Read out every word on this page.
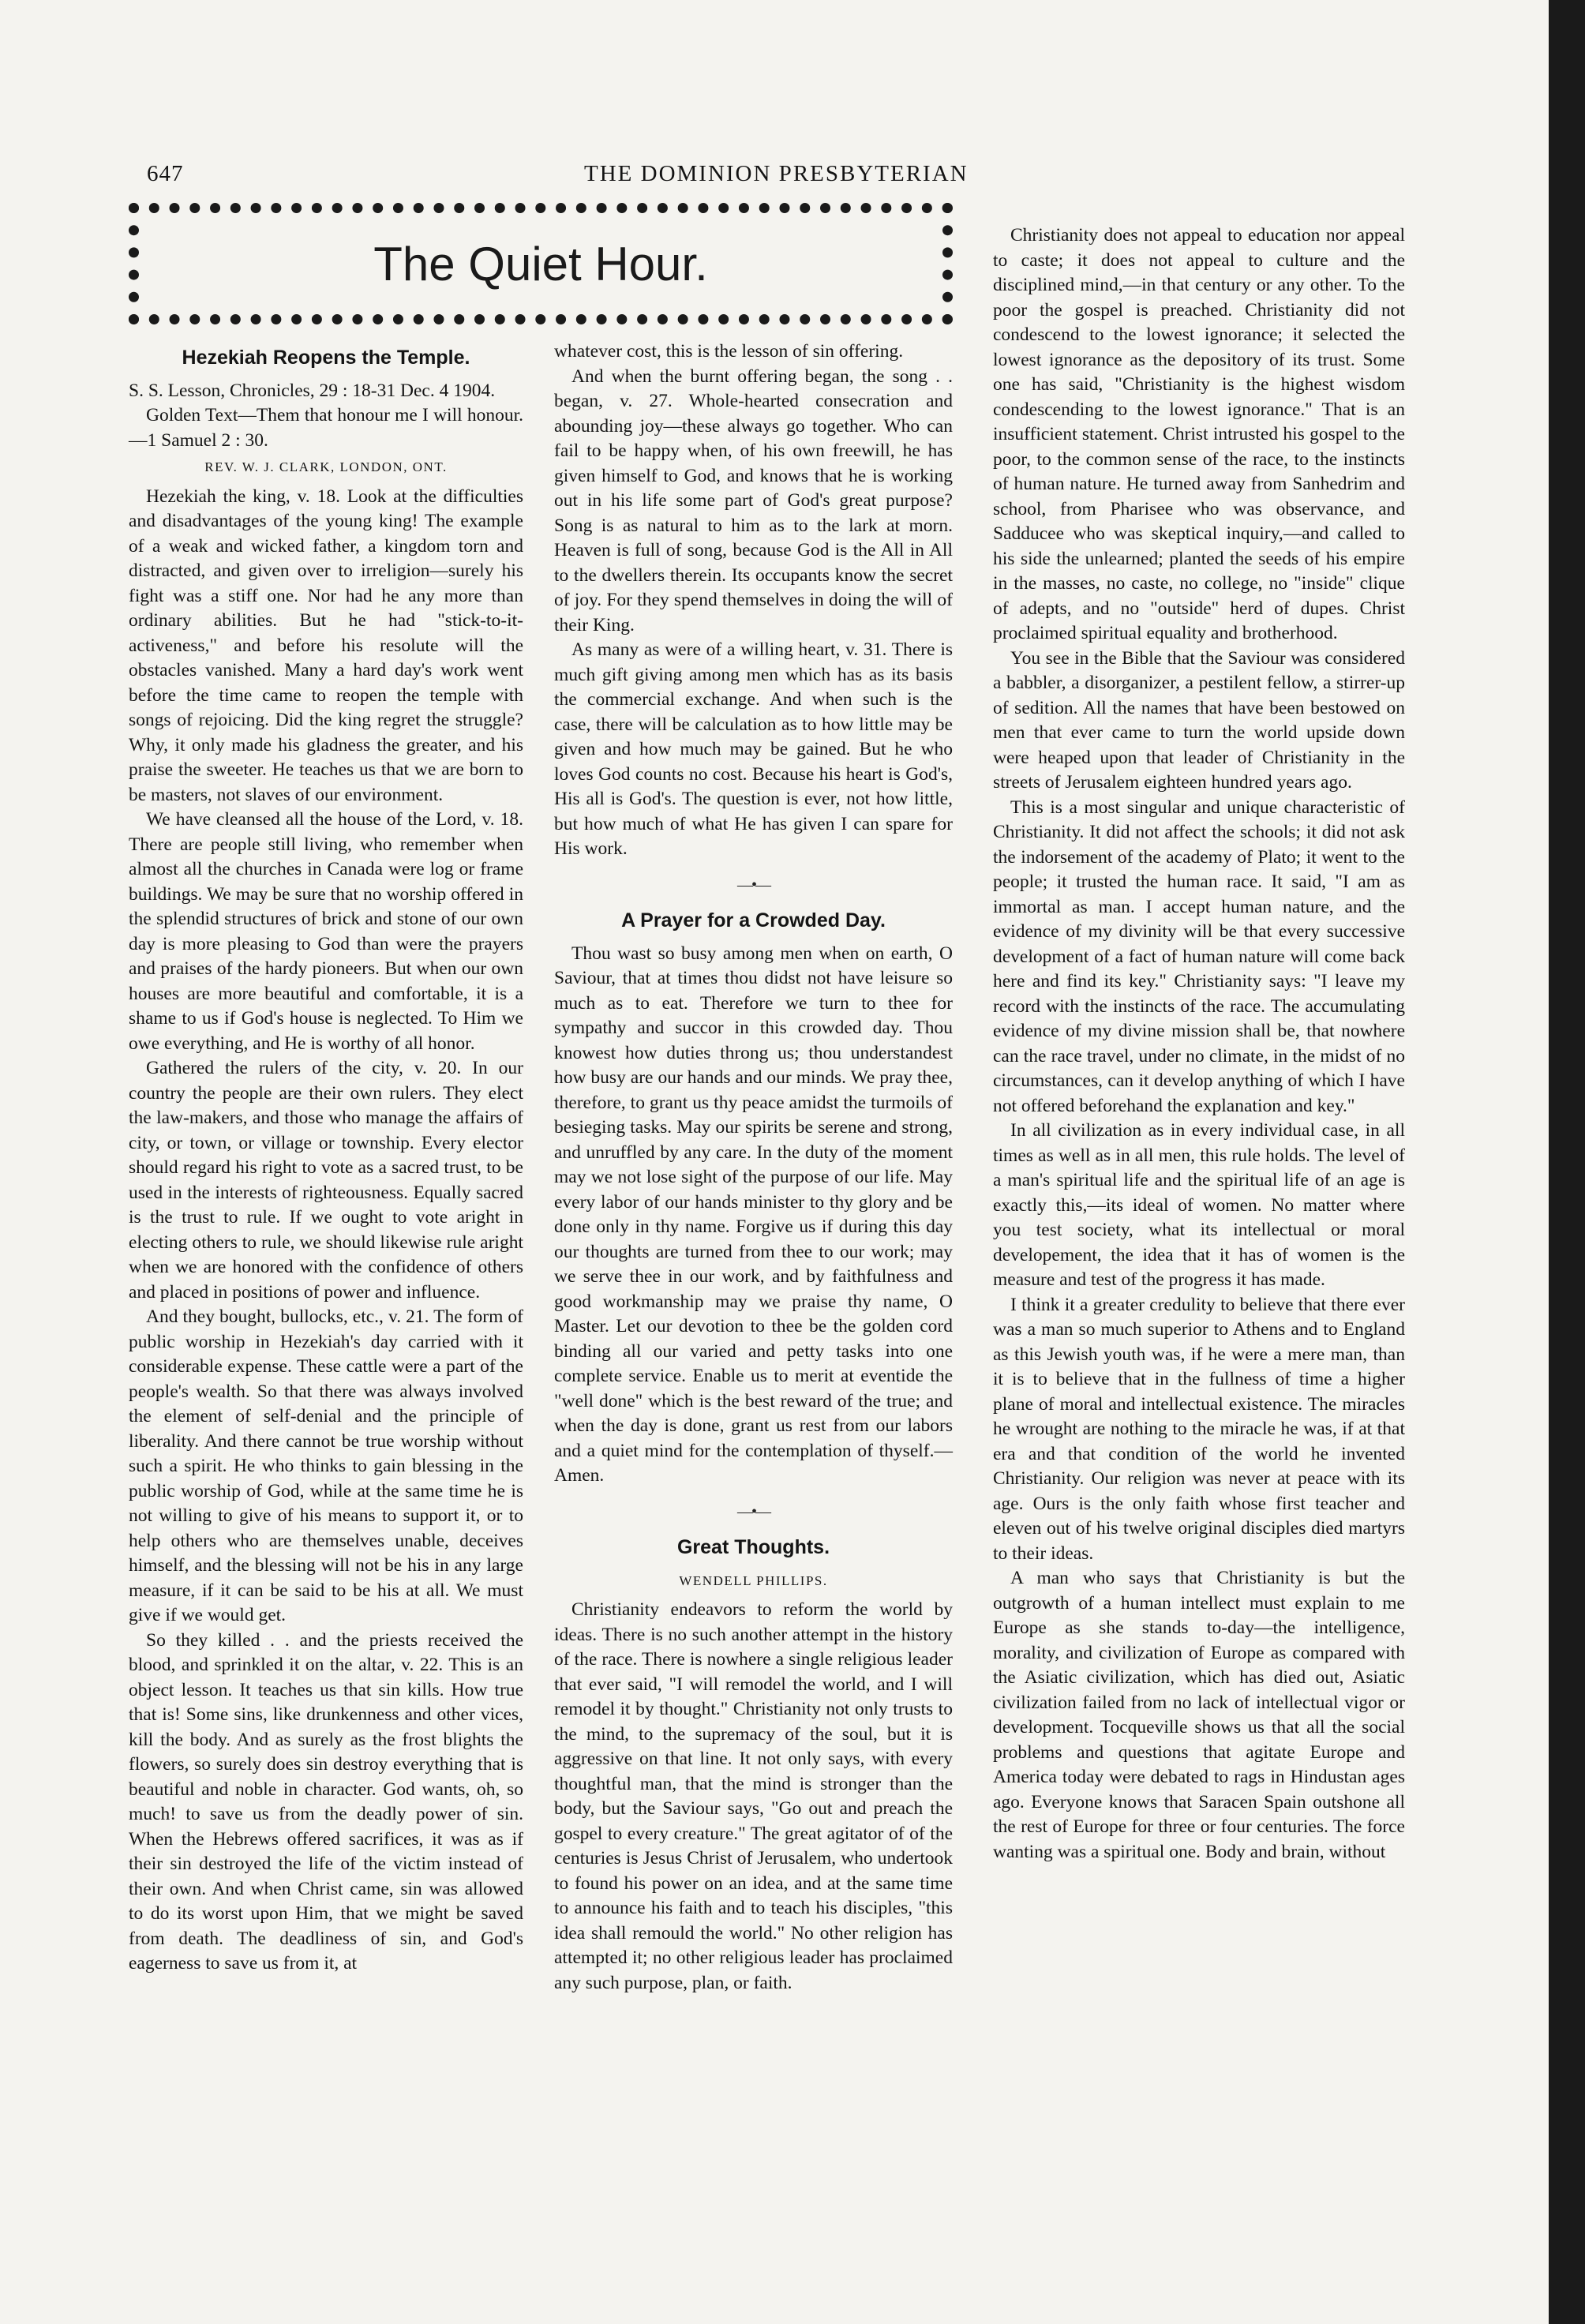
647	THE DOMINION PRESBYTERIAN
The Quiet Hour.
Hezekiah Reopens the Temple.

S. S. Lesson, Chronicles, 29 : 18-31 Dec. 4 1904.

Golden Text—Them that honour me I will honour.—1 Samuel 2 : 30.

REV. W. J. CLARK, LONDON, ONT.

Hezekiah the king, v. 18. Look at the difficulties and disadvantages of the young king! The example of a weak and wicked father, a kingdom torn and distracted, and given over to irreligion—surely his fight was a stiff one. Nor had he any more than ordinary abilities. But he had "stick-to-it-activeness," and before his resolute will the obstacles vanished. Many a hard day's work went before the time came to reopen the temple with songs of rejoicing. Did the king regret the struggle? Why, it only made his gladness the greater, and his praise the sweeter. He teaches us that we are born to be masters, not slaves of our environment.

We have cleansed all the house of the Lord, v. 18. There are people still living, who remember when almost all the churches in Canada were log or frame buildings. We may be sure that no worship offered in the splendid structures of brick and stone of our own day is more pleasing to God than were the prayers and praises of the hardy pioneers. But when our own houses are more beautiful and comfortable, it is a shame to us if God's house is neglected. To Him we owe everything, and He is worthy of all honor.

Gathered the rulers of the city, v. 20. In our country the people are their own rulers. They elect the law-makers, and those who manage the affairs of city, or town, or village or township. Every elector should regard his right to vote as a sacred trust, to be used in the interests of righteousness. Equally sacred is the trust to rule. If we ought to vote aright in electing others to rule, we should likewise rule aright when we are honored with the confidence of others and placed in positions of power and influence.

And they bought, bullocks, etc., v. 21. The form of public worship in Hezekiah's day carried with it considerable expense. These cattle were a part of the people's wealth. So that there was always involved the element of self-denial and the principle of liberality. And there cannot be true worship without such a spirit. He who thinks to gain blessing in the public worship of God, while at the same time he is not willing to give of his means to support it, or to help others who are themselves unable, deceives himself, and the blessing will not be his in any large measure, if it can be said to be his at all. We must give if we would get.

So they killed . . and the priests received the blood, and sprinkled it on the altar, v. 22. This is an object lesson. It teaches us that sin kills. How true that is! Some sins, like drunkenness and other vices, kill the body. And as surely as the frost blights the flowers, so surely does sin destroy everything that is beautiful and noble in character. God wants, oh, so much! to save us from the deadly power of sin. When the Hebrews offered sacrifices, it was as if their sin destroyed the life of the victim instead of their own. And when Christ came, sin was allowed to do its worst upon Him, that we might be saved from death. The deadliness of sin, and God's eagerness to save us from it, at

whatever cost, this is the lesson of sin offering.

And when the burnt offering began, the song . . began, v. 27. Whole-hearted consecration and abounding joy—these always go together. Who can fail to be happy when, of his own freewill, he has given himself to God, and knows that he is working out in his life some part of God's great purpose? Song is as natural to him as to the lark at morn. Heaven is full of song, because God is the All in All to the dwellers therein. Its occupants know the secret of joy. For they spend themselves in doing the will of their King.

As many as were of a willing heart, v. 31. There is much gift giving among men which has as its basis the commercial exchange. And when such is the case, there will be calculation as to how little may be given and how much may be gained. But he who loves God counts no cost. Because his heart is God's, His all is God's. The question is ever, not how little, but how much of what He has given I can spare for His work.

—•—
A Prayer for a Crowded Day.

Thou wast so busy among men when on earth, O Saviour, that at times thou didst not have leisure so much as to eat. Therefore we turn to thee for sympathy and succor in this crowded day. Thou knowest how duties throng us; thou understandest how busy are our hands and our minds. We pray thee, therefore, to grant us thy peace amidst the turmoils of besieging tasks. May our spirits be serene and strong, and unruffled by any care. In the duty of the moment may we not lose sight of the purpose of our life. May every labor of our hands minister to thy glory and be done only in thy name. Forgive us if during this day our thoughts are turned from thee to our work; may we serve thee in our work, and by faithfulness and good workmanship may we praise thy name, O Master. Let our devotion to thee be the golden cord binding all our varied and petty tasks into one complete service. Enable us to merit at eventide the "well done" which is the best reward of the true; and when the day is done, grant us rest from our labors and a quiet mind for the contemplation of thyself.—Amen.

—•—
Great Thoughts.
WENDELL PHILLIPS.

Christianity endeavors to reform the world by ideas. There is no such another attempt in the history of the race. There is nowhere a single religious leader that ever said, "I will remodel the world, and I will remodel it by thought." Christianity not only trusts to the mind, to the supremacy of the soul, but it is aggressive on that line. It not only says, with every thoughtful man, that the mind is stronger than the body, but the Saviour says, "Go out and preach the gospel to every creature." The great agitator of of the centuries is Jesus Christ of Jerusalem, who undertook to found his power on an idea, and at the same time to announce his faith and to teach his disciples, "this idea shall remould the world." No other religion has attempted it; no other religious leader has proclaimed any such purpose, plan, or faith.

Christianity does not appeal to education nor appeal to caste; it does not appeal to culture and the disciplined mind,—in that century or any other. To the poor the gospel is preached. Christianity did not condescend to the lowest ignorance; it selected the lowest ignorance as the depository of its trust. Some one has said, "Christianity is the highest wisdom condescending to the lowest ignorance." That is an insufficient statement. Christ intrusted his gospel to the poor, to the common sense of the race, to the instincts of human nature. He turned away from Sanhedrim and school, from Pharisee who was observance, and Sadducee who was skeptical inquiry,—and called to his side the unlearned; planted the seeds of his empire in the masses, no caste, no college, no "inside" clique of adepts, and no "outside" herd of dupes. Christ proclaimed spiritual equality and brotherhood.

You see in the Bible that the Saviour was considered a babbler, a disorganizer, a pestilent fellow, a stirrer-up of sedition. All the names that have been bestowed on men that ever came to turn the world upside down were heaped upon that leader of Christianity in the streets of Jerusalem eighteen hundred years ago.

This is a most singular and unique characteristic of Christianity. It did not affect the schools; it did not ask the indorsement of the academy of Plato; it went to the people; it trusted the human race. It said, "I am as immortal as man. I accept human nature, and the evidence of my divinity will be that every successive development of a fact of human nature will come back here and find its key." Christianity says: "I leave my record with the instincts of the race. The accumulating evidence of my divine mission shall be, that nowhere can the race travel, under no climate, in the midst of no circumstances, can it develop anything of which I have not offered beforehand the explanation and key."

In all civilization as in every individual case, in all times as well as in all men, this rule holds. The level of a man's spiritual life and the spiritual life of an age is exactly this,—its ideal of women. No matter where you test society, what its intellectual or moral developement, the idea that it has of women is the measure and test of the progress it has made.

I think it a greater credulity to believe that there ever was a man so much superior to Athens and to England as this Jewish youth was, if he were a mere man, than it is to believe that in the fullness of time a higher plane of moral and intellectual existence. The miracles he wrought are nothing to the miracle he was, if at that era and that condition of the world he invented Christianity. Our religion was never at peace with its age. Ours is the only faith whose first teacher and eleven out of his twelve original disciples died martyrs to their ideas.

A man who says that Christianity is but the outgrowth of a human intellect must explain to me Europe as she stands to-day—the intelligence, morality, and civilization of Europe as compared with the Asiatic civilization, which has died out, Asiatic civilization failed from no lack of intellectual vigor or development. Tocqueville shows us that all the social problems and questions that agitate Europe and America today were debated to rags in Hindustan ages ago. Everyone knows that Saracen Spain outshone all the rest of Europe for three or four centuries. The force wanting was a spiritual one. Body and brain, without
